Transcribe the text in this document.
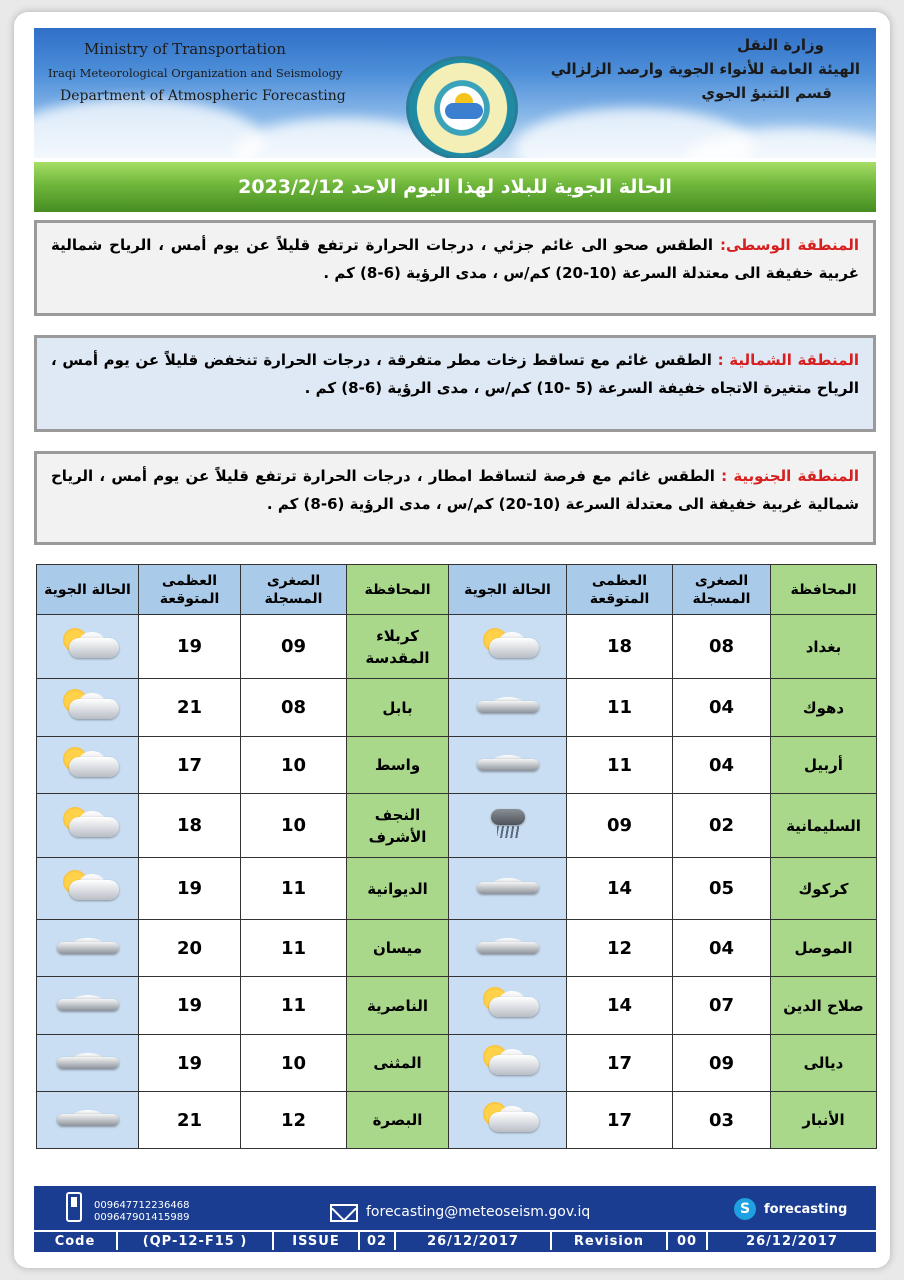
Ministry of Transportation
Iraqi Meteorological Organization and Seismology
Department of Atmospheric Forecasting
وزارة النقل
الهيئة العامة للأنواء الجوية وارصد الزلزالي
قسم التنبؤ الجوي
الحالة الجوية للبلاد لهذا اليوم الاحد 2023/2/12
المنطقة الوسطى: الطقس صحو الى غائم جزئي ، درجات الحرارة ترتفع قليلاً عن يوم أمس ، الرياح شمالية غربية خفيفة الى معتدلة السرعة (10-20) كم/س ، مدى الرؤية (6-8) كم .
المنطقة الشمالية : الطقس غائم مع تساقط زخات مطر متفرقة ، درجات الحرارة تنخفض قليلاً عن يوم أمس ، الرياح متغيرة الاتجاه خفيفة السرعة (5 -10) كم/س ، مدى الرؤية (6-8) كم .
المنطقة الجنوبية : الطقس غائم مع فرصة لتساقط امطار ، درجات الحرارة ترتفع قليلاً عن يوم أمس ، الرياح شمالية غربية خفيفة الى معتدلة السرعة (10-20) كم/س ، مدى الرؤية (6-8) كم .
المحافظة	الصغرى المسجلة	العظمى المتوقعة	الحالة الجوية	المحافظة	الصغرى المسجلة	العظمى المتوقعة	الحالة الجوية
بغداد	08	18		كربلاء المقدسة	09	19	

دهوك	04	11		بابل	08	21	

أربيل	04	11		واسط	10	17	

السليمانية	02	09		النجف الأشرف	10	18	

كركوك	05	14		الديوانية	11	19	

الموصل	04	12		ميسان	11	20	

صلاح الدين	07	14		الناصرية	11	19	

ديالى	09	17		المثنى	10	19	

الأنبار	03	17		البصرة	12	21	
009647712236468
009647901415989	forecasting@meteoseism.gov.iq	S	forecasting
Code	(QP-12-F15 )	ISSUE	02	26/12/2017	Revision	00	26/12/2017
